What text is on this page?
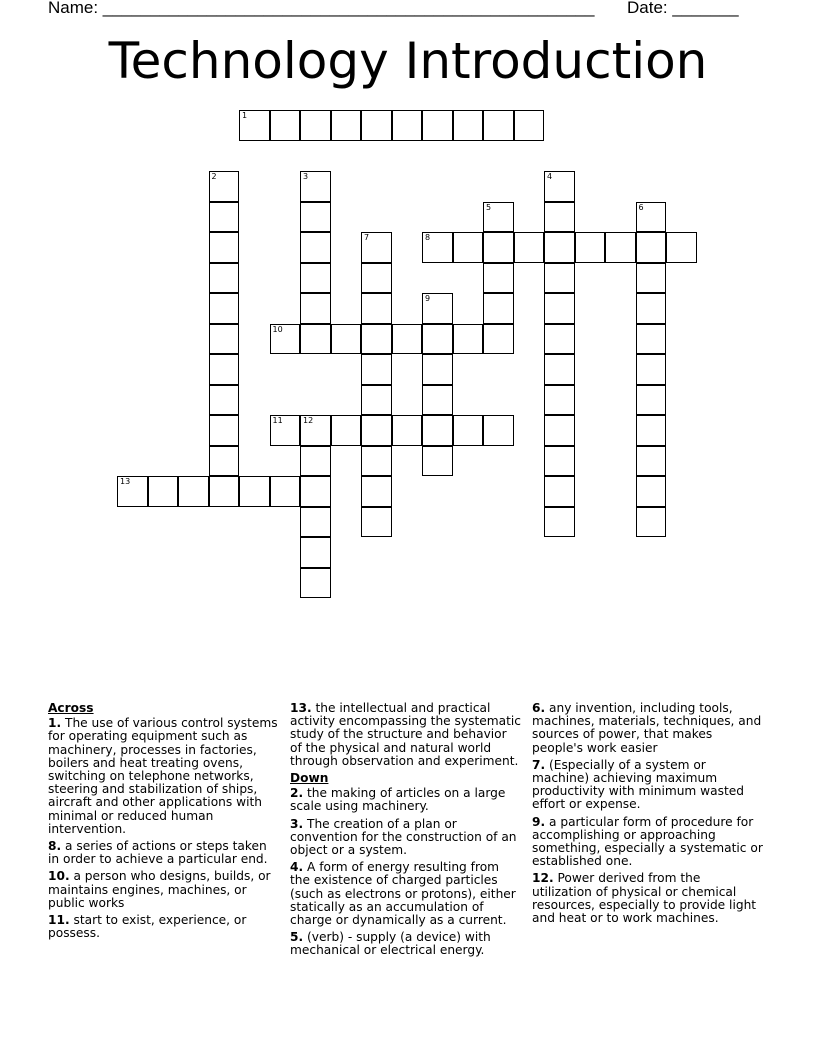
Name: ____________________________________________________ Date: _______
Technology Introduction
1
2	3	4
5	6
7	8
9
10
11	12
13
Across
1. The use of various control systems for operating equipment such as machinery, processes in factories, boilers and heat treating ovens, switching on telephone networks, steering and stabilization of ships, aircraft and other applications with minimal or reduced human intervention.
8. a series of actions or steps taken in order to achieve a particular end.
10. a person who designs, builds, or maintains engines, machines, or public works
11. start to exist, experience, or possess.
13. the intellectual and practical activity encompassing the systematic study of the structure and behavior of the physical and natural world through observation and experiment.
Down
2. the making of articles on a large scale using machinery.
3. The creation of a plan or convention for the construction of an object or a system.
4. A form of energy resulting from the existence of charged particles (such as electrons or protons), either statically as an accumulation of charge or dynamically as a current.
5. (verb) - supply (a device) with mechanical or electrical energy.
6. any invention, including tools, machines, materials, techniques, and sources of power, that makes people's work easier
7. (Especially of a system or machine) achieving maximum productivity with minimum wasted effort or expense.
9. a particular form of procedure for accomplishing or approaching something, especially a systematic or established one.
12. Power derived from the utilization of physical or chemical resources, especially to provide light and heat or to work machines.
